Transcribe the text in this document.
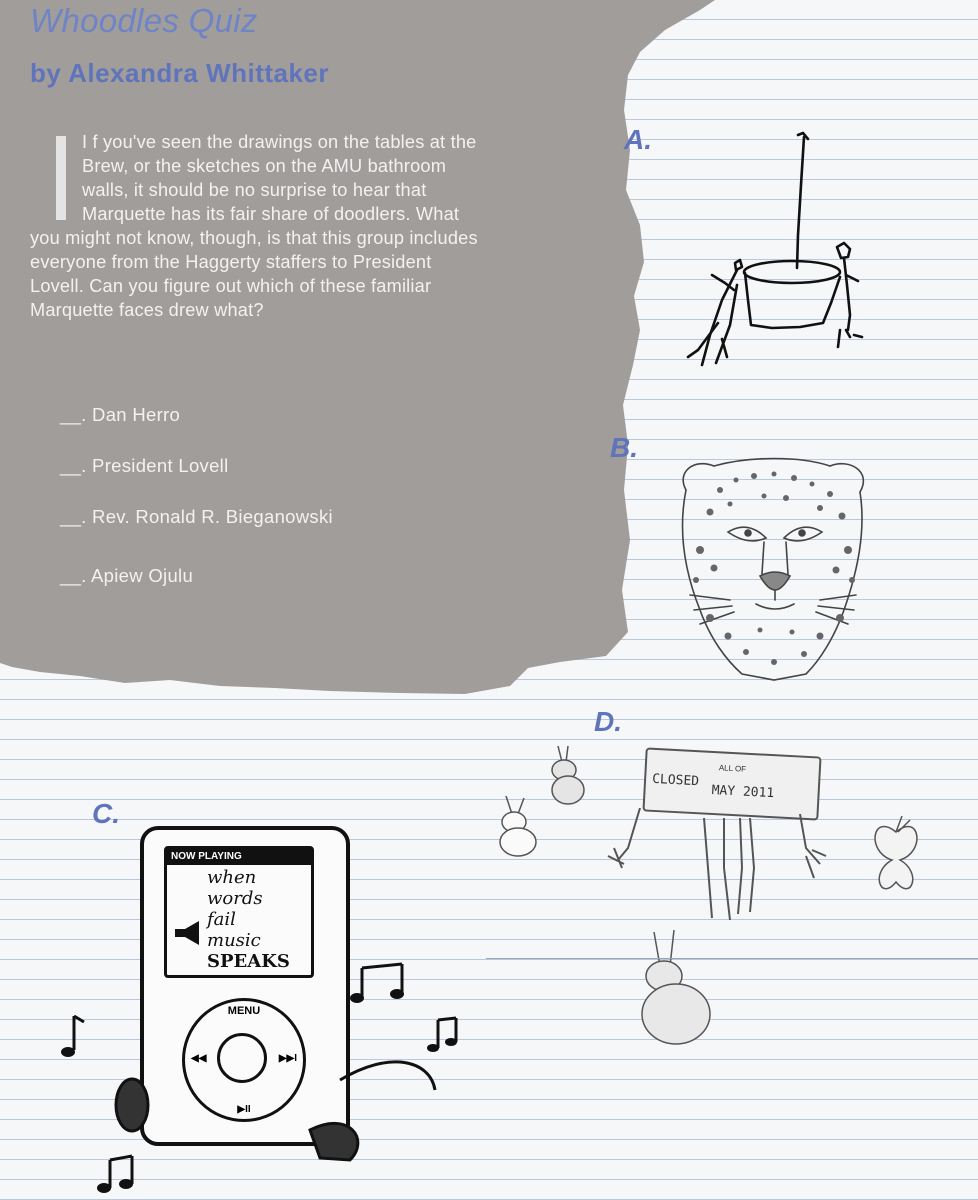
Whoodles Quiz
by Alexandra Whittaker

I f you've seen the drawings on the tables at the Brew, or the sketches on the AMU bathroom walls, it should be no surprise to hear that Marquette has its fair share of doodlers. What you might not know, though, is that this group includes everyone from the Haggerty staffers to President Lovell. Can you figure out which of these familiar Marquette faces drew what?

__. Dan Herro
__. President Lovell
__. Rev. Ronald R. Bieganowski
__. Apiew Ojulu
A.
B.
C.
NOW PLAYING
when
words
fail
music
SPEAKS
MENU
◀◀	▶▶I
▶II
D.
CLOSED
ALL OF
MAY 2011
